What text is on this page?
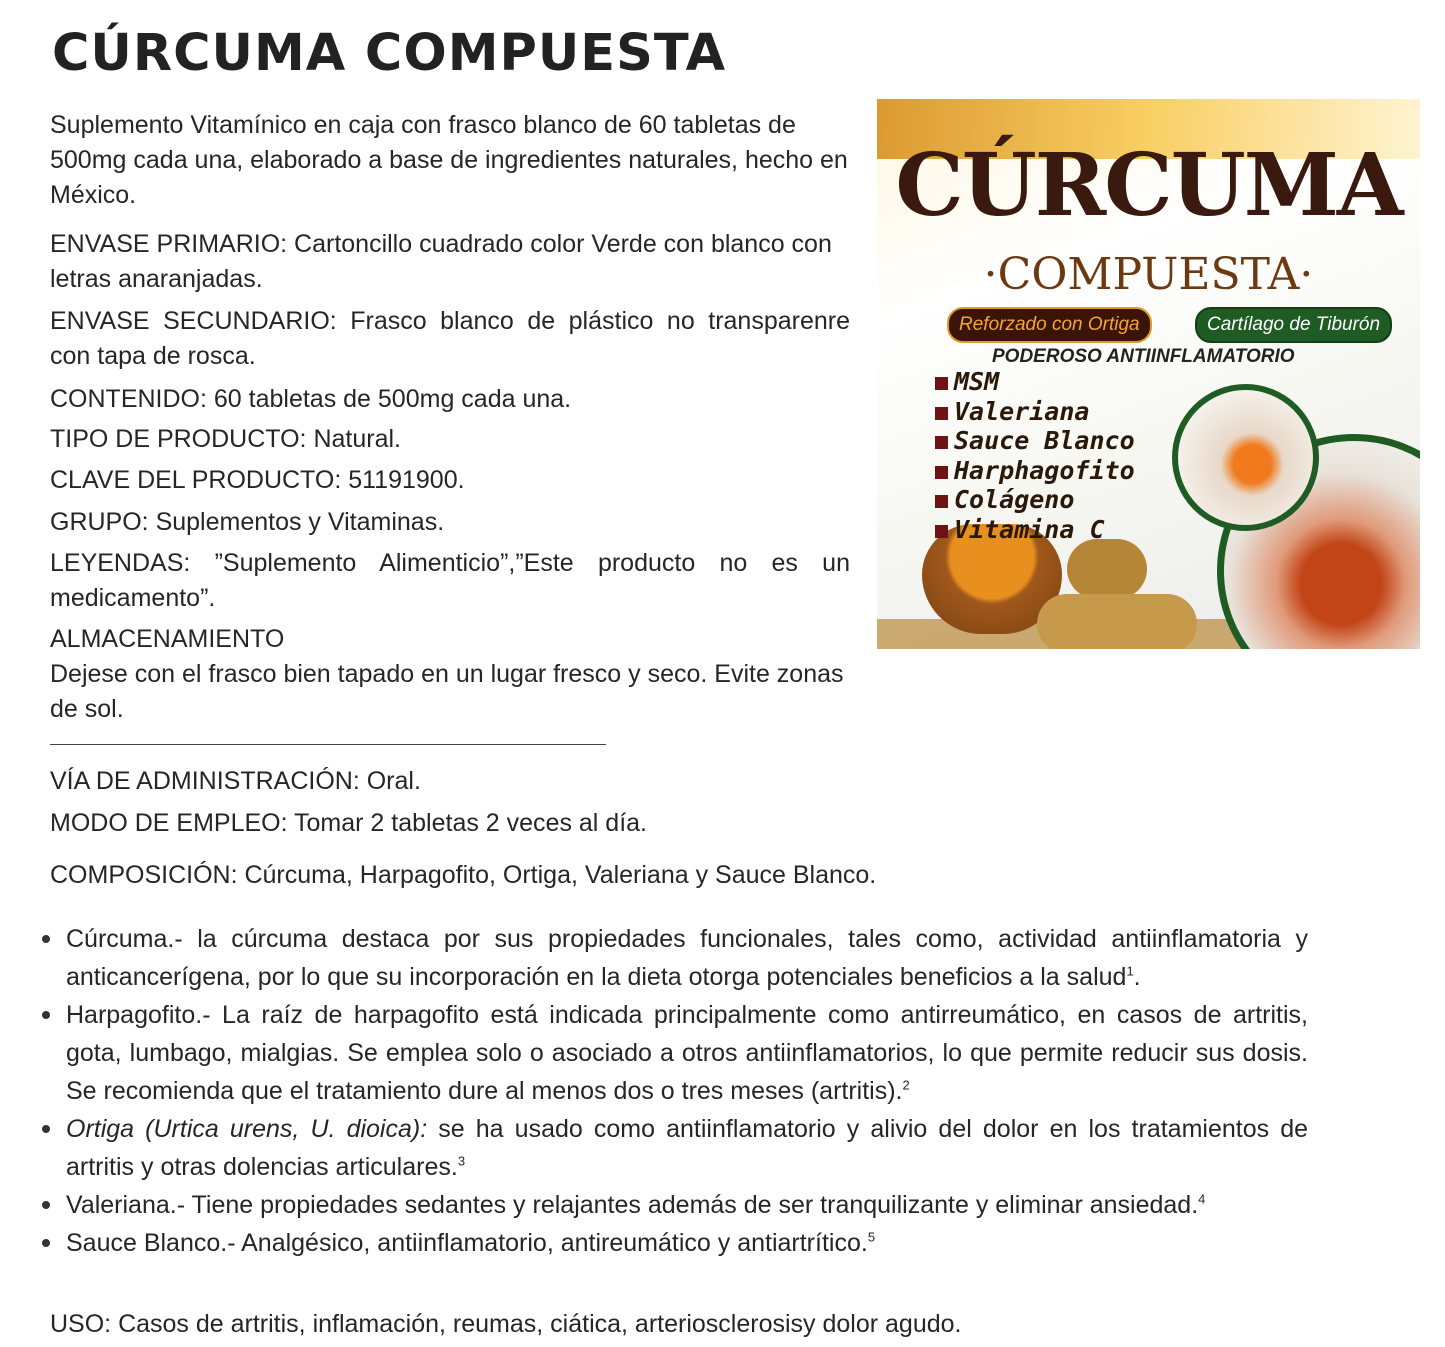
CÚRCUMA COMPUESTA

Suplemento Vitamínico en caja con frasco blanco de 60 tabletas de 500mg cada una, elaborado a base de ingredientes naturales, hecho en México.

ENVASE PRIMARIO: Cartoncillo cuadrado color Verde con blanco con letras anaranjadas.

ENVASE SECUNDARIO: Frasco blanco de plástico no transparenre con tapa de rosca.

CONTENIDO: 60 tabletas de 500mg cada una.

TIPO DE PRODUCTO: Natural.

CLAVE DEL PRODUCTO: 51191900.

GRUPO: Suplementos y Vitaminas.

LEYENDAS: ”Suplemento Alimenticio”,”Este producto no es un medicamento”.

ALMACENAMIENTO

Dejese con el frasco bien tapado en un lugar fresco y seco. Evite zonas de sol.

VÍA DE ADMINISTRACIÓN: Oral.
MODO DE EMPLEO: Tomar 2 tabletas 2 veces al día.
COMPOSICIÓN: Cúrcuma, Harpagofito, Ortiga, Valeriana y Sauce Blanco.
Cúrcuma.- la cúrcuma destaca por sus propiedades funcionales, tales como, actividad antiinflamatoria y anticancerígena, por lo que su incorporación en la dieta otorga potenciales beneficios a la salud$^1$.
Harpagofito.- La raíz de harpagofito está indicada principalmente como antirreumático, en casos de artritis, gota, lumbago, mialgias. Se emplea solo o asociado a otros antiinflamatorios, lo que permite reducir sus dosis. Se recomienda que el tratamiento dure al menos dos o tres meses (artritis).$^2$
Ortiga (Urtica urens, U. dioica): se ha usado como antiinflamatorio y alivio del dolor en los tratamientos de artritis y otras dolencias articulares.$^3$
Valeriana.- Tiene propiedades sedantes y relajantes además de ser tranquilizante y eliminar ansiedad.$^4$
Sauce Blanco.- Analgésico, antiinflamatorio, antireumático y antiartrítico.$^5$
USO: Casos de artritis, inflamación, reumas, ciática, arteriosclerosisy dolor agudo.
CÚRCUMA
·COMPUESTA·
Reforzado con Ortiga	Cartílago de Tiburón
PODEROSO ANTIINFLAMATORIO
MSM
Valeriana
Sauce Blanco
Harphagofito
Colágeno
Vitamina C
